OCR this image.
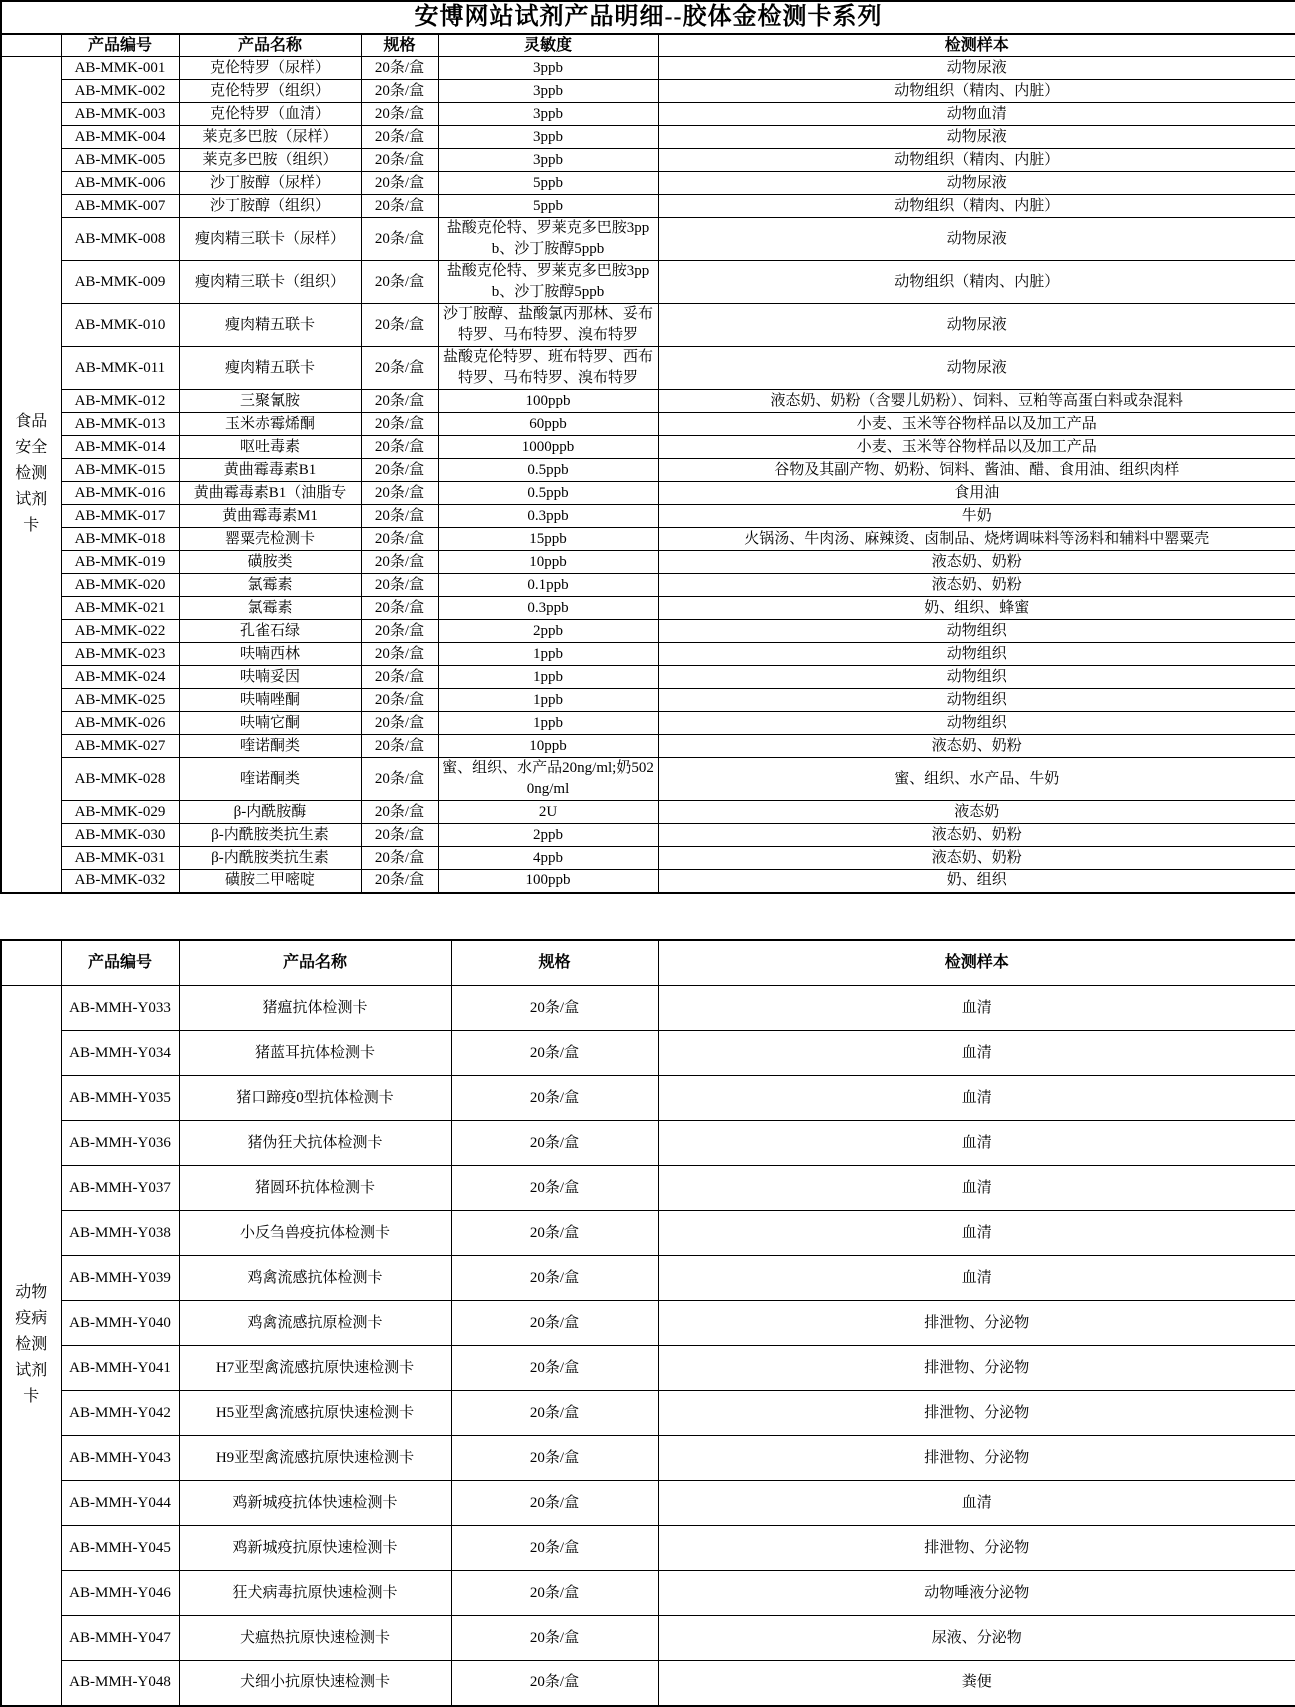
安博网站试剂产品明细--胶体金检测卡系列					
	产品编号	产品名称	规格	灵敏度	检测样本
食品安全检测试剂卡	AB-MMK-001	克伦特罗（尿样）	20条/盒	3ppb	动物尿液
	AB-MMK-002	克伦特罗（组织）	20条/盒	3ppb	动物组织（精肉、内脏）
	AB-MMK-003	克伦特罗（血清）	20条/盒	3ppb	动物血清
	AB-MMK-004	莱克多巴胺（尿样）	20条/盒	3ppb	动物尿液
	AB-MMK-005	莱克多巴胺（组织）	20条/盒	3ppb	动物组织（精肉、内脏）
	AB-MMK-006	沙丁胺醇（尿样）	20条/盒	5ppb	动物尿液
	AB-MMK-007	沙丁胺醇（组织）	20条/盒	5ppb	动物组织（精肉、内脏）
	AB-MMK-008	瘦肉精三联卡（尿样）	20条/盒	盐酸克伦特、罗莱克多巴胺3ppb、沙丁胺醇5ppb	动物尿液
	AB-MMK-009	瘦肉精三联卡（组织）	20条/盒	盐酸克伦特、罗莱克多巴胺3ppb、沙丁胺醇5ppb	动物组织（精肉、内脏）
	AB-MMK-010	瘦肉精五联卡	20条/盒	沙丁胺醇、盐酸氯丙那林、妥布特罗、马布特罗、溴布特罗	动物尿液
	AB-MMK-011	瘦肉精五联卡	20条/盒	盐酸克伦特罗、班布特罗、西布特罗、马布特罗、溴布特罗	动物尿液
	AB-MMK-012	三聚氰胺	20条/盒	100ppb	液态奶、奶粉（含婴儿奶粉）、饲料、豆粕等高蛋白料或杂混料
	AB-MMK-013	玉米赤霉烯酮	20条/盒	60ppb	小麦、玉米等谷物样品以及加工产品
	AB-MMK-014	呕吐毒素	20条/盒	1000ppb	小麦、玉米等谷物样品以及加工产品
	AB-MMK-015	黄曲霉毒素B1	20条/盒	0.5ppb	谷物及其副产物、奶粉、饲料、酱油、醋、食用油、组织肉样
	AB-MMK-016	黄曲霉毒素B1（油脂专	20条/盒	0.5ppb	食用油
	AB-MMK-017	黄曲霉毒素M1	20条/盒	0.3ppb	牛奶
	AB-MMK-018	罂粟壳检测卡	20条/盒	15ppb	火锅汤、牛肉汤、麻辣烫、卤制品、烧烤调味料等汤料和辅料中罂粟壳
	AB-MMK-019	磺胺类	20条/盒	10ppb	液态奶、奶粉
	AB-MMK-020	氯霉素	20条/盒	0.1ppb	液态奶、奶粉
	AB-MMK-021	氯霉素	20条/盒	0.3ppb	奶、组织、蜂蜜
	AB-MMK-022	孔雀石绿	20条/盒	2ppb	动物组织
	AB-MMK-023	呋喃西林	20条/盒	1ppb	动物组织
	AB-MMK-024	呋喃妥因	20条/盒	1ppb	动物组织
	AB-MMK-025	呋喃唑酮	20条/盒	1ppb	动物组织
	AB-MMK-026	呋喃它酮	20条/盒	1ppb	动物组织
	AB-MMK-027	喹诺酮类	20条/盒	10ppb	液态奶、奶粉
	AB-MMK-028	喹诺酮类	20条/盒	蜜、组织、水产品20ng/ml;奶5020ng/ml	蜜、组织、水产品、牛奶
	AB-MMK-029	β-内酰胺酶	20条/盒	2U	液态奶
	AB-MMK-030	β-内酰胺类抗生素	20条/盒	2ppb	液态奶、奶粉
	AB-MMK-031	β-内酰胺类抗生素	20条/盒	4ppb	液态奶、奶粉
	AB-MMK-032	磺胺二甲嘧啶	20条/盒	100ppb	奶、组织
	产品编号	产品名称	规格	检测样本
动物疫病检测试剂卡	AB-MMH-Y033	猪瘟抗体检测卡	20条/盒	血清
	AB-MMH-Y034	猪蓝耳抗体检测卡	20条/盒	血清
	AB-MMH-Y035	猪口蹄疫0型抗体检测卡	20条/盒	血清
	AB-MMH-Y036	猪伪狂犬抗体检测卡	20条/盒	血清
	AB-MMH-Y037	猪圆环抗体检测卡	20条/盒	血清
	AB-MMH-Y038	小反刍兽疫抗体检测卡	20条/盒	血清
	AB-MMH-Y039	鸡禽流感抗体检测卡	20条/盒	血清
	AB-MMH-Y040	鸡禽流感抗原检测卡	20条/盒	排泄物、分泌物
	AB-MMH-Y041	H7亚型禽流感抗原快速检测卡	20条/盒	排泄物、分泌物
	AB-MMH-Y042	H5亚型禽流感抗原快速检测卡	20条/盒	排泄物、分泌物
	AB-MMH-Y043	H9亚型禽流感抗原快速检测卡	20条/盒	排泄物、分泌物
	AB-MMH-Y044	鸡新城疫抗体快速检测卡	20条/盒	血清
	AB-MMH-Y045	鸡新城疫抗原快速检测卡	20条/盒	排泄物、分泌物
	AB-MMH-Y046	狂犬病毒抗原快速检测卡	20条/盒	动物唾液分泌物
	AB-MMH-Y047	犬瘟热抗原快速检测卡	20条/盒	尿液、分泌物
	AB-MMH-Y048	犬细小抗原快速检测卡	20条/盒	粪便
